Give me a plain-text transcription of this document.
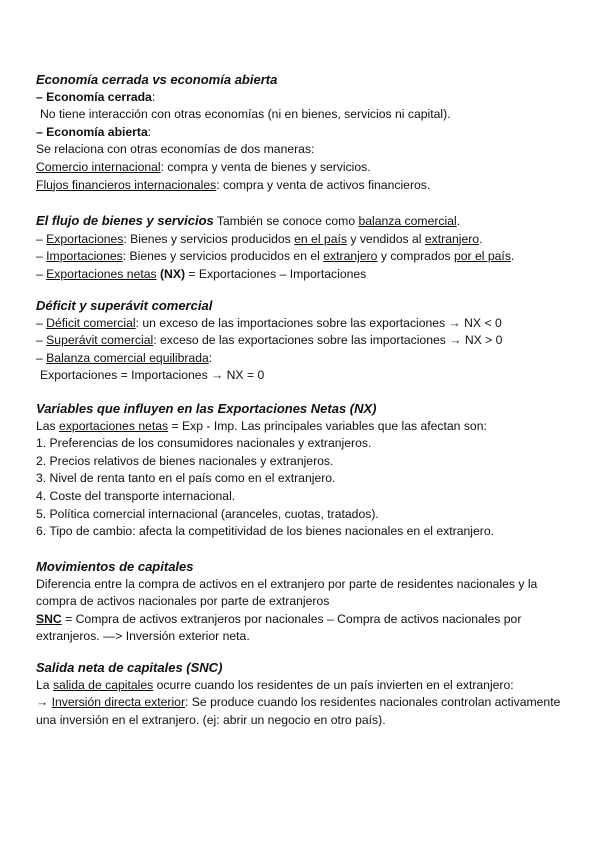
Economía cerrada vs economía abierta

– Economía cerrada:

No tiene interacción con otras economías (ni en bienes, servicios ni capital).

– Economía abierta:

Se relaciona con otras economías de dos maneras:

Comercio internacional: compra y venta de bienes y servicios.

Flujos financieros internacionales: compra y venta de activos financieros.

El flujo de bienes y servicios También se conoce como balanza comercial.

– Exportaciones: Bienes y servicios producidos en el país y vendidos al extranjero.

– Importaciones: Bienes y servicios producidos en el extranjero y comprados por el país.

– Exportaciones netas (NX) = Exportaciones – Importaciones

Déficit y superávit comercial

– Déficit comercial: un exceso de las importaciones sobre las exportaciones → NX < 0

– Superávit comercial: exceso de las exportaciones sobre las importaciones → NX > 0

– Balanza comercial equilibrada:

Exportaciones = Importaciones → NX = 0

Variables que influyen en las Exportaciones Netas (NX)

Las exportaciones netas = Exp - Imp. Las principales variables que las afectan son:

1. Preferencias de los consumidores nacionales y extranjeros.

2. Precios relativos de bienes nacionales y extranjeros.

3. Nivel de renta tanto en el país como en el extranjero.

4. Coste del transporte internacional.

5. Política comercial internacional (aranceles, cuotas, tratados).

6. Tipo de cambio: afecta la competitividad de los bienes nacionales en el extranjero.

Movimientos de capitales

Diferencia entre la compra de activos en el extranjero por parte de residentes nacionales y la compra de activos nacionales por parte de extranjeros

SNC = Compra de activos extranjeros por nacionales – Compra de activos nacionales por extranjeros. —> Inversión exterior neta.

Salida neta de capitales (SNC)

La salida de capitales ocurre cuando los residentes de un país invierten en el extranjero:

→ Inversión directa exterior: Se produce cuando los residentes nacionales controlan activamente una inversión en el extranjero. (ej: abrir un negocio en otro país).
